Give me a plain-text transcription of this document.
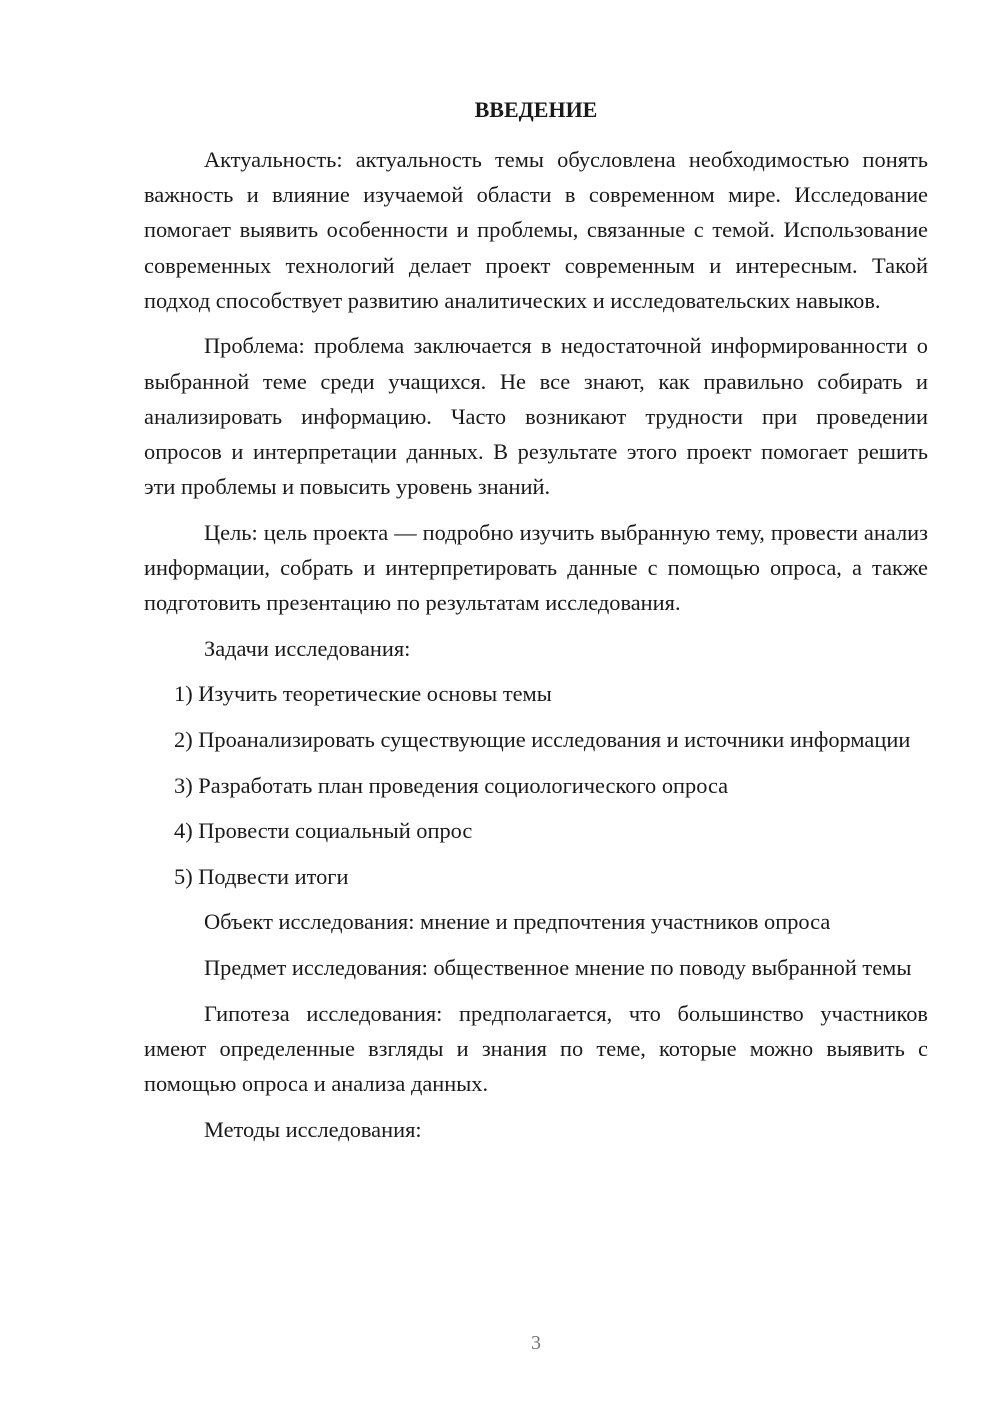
ВВЕДЕНИЕ

Актуальность: актуальность темы обусловлена необходимостью понять важность и влияние изучаемой области в современном мире. Исследование помогает выявить особенности и проблемы, связанные с темой. Использование современных технологий делает проект современным и интересным. Такой подход способствует развитию аналитических и исследовательских навыков.

Проблема: проблема заключается в недостаточной информированности о выбранной теме среди учащихся. Не все знают, как правильно собирать и анализировать информацию. Часто возникают трудности при проведении опросов и интерпретации данных. В результате этого проект помогает решить эти проблемы и повысить уровень знаний.

Цель: цель проекта — подробно изучить выбранную тему, провести анализ информации, собрать и интерпретировать данные с помощью опроса, а также подготовить презентацию по результатам исследования.

Задачи исследования:

1) Изучить теоретические основы темы

2) Проанализировать существующие исследования и источники информации

3) Разработать план проведения социологического опроса

4) Провести социальный опрос

5) Подвести итоги

Объект исследования: мнение и предпочтения участников опроса

Предмет исследования: общественное мнение по поводу выбранной темы

Гипотеза исследования: предполагается, что большинство участников имеют определенные взгляды и знания по теме, которые можно выявить с помощью опроса и анализа данных.

Методы исследования:

3
